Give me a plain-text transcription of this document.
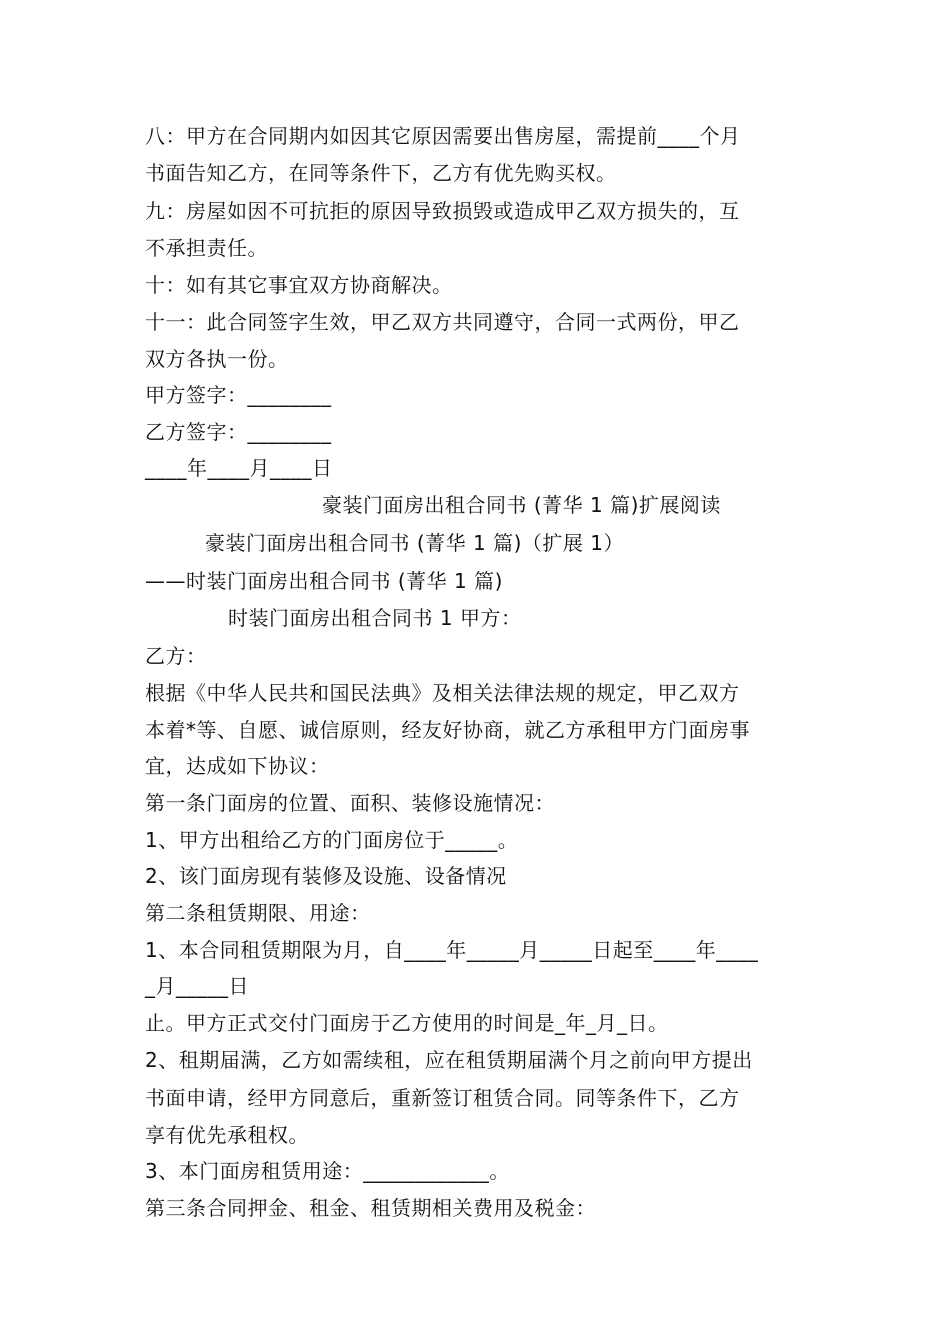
八：甲方在合同期内如因其它原因需要出售房屋，需提前____个月
书面告知乙方，在同等条件下，乙方有优先购买权。
九：房屋如因不可抗拒的原因导致损毁或造成甲乙双方损失的，互
不承担责任。
十：如有其它事宜双方协商解决。
十一：此合同签字生效，甲乙双方共同遵守，合同一式两份，甲乙
双方各执一份。
甲方签字：________
乙方签字：________
____年____月____日
豪装门面房出租合同书 (菁华 1 篇)扩展阅读
豪装门面房出租合同书 (菁华 1 篇)（扩展 1）
——时装门面房出租合同书 (菁华 1 篇)
时装门面房出租合同书 1 甲方：
乙方：
根据《中华人民共和国民法典》及相关法律法规的规定，甲乙双方
本着*等、自愿、诚信原则，经友好协商，就乙方承租甲方门面房事
宜，达成如下协议：
第一条门面房的位置、面积、装修设施情况：
1、甲方出租给乙方的门面房位于_____。
2、该门面房现有装修及设施、设备情况
第二条租赁期限、用途：
1、本合同租赁期限为月，自____年_____月_____日起至____年____
_月_____日
止。甲方正式交付门面房于乙方使用的时间是_年_月_日。
2、租期届满，乙方如需续租，应在租赁期届满个月之前向甲方提出
书面申请，经甲方同意后，重新签订租赁合同。同等条件下，乙方
享有优先承租权。
3、本门面房租赁用途：____________。
第三条合同押金、租金、租赁期相关费用及税金：
